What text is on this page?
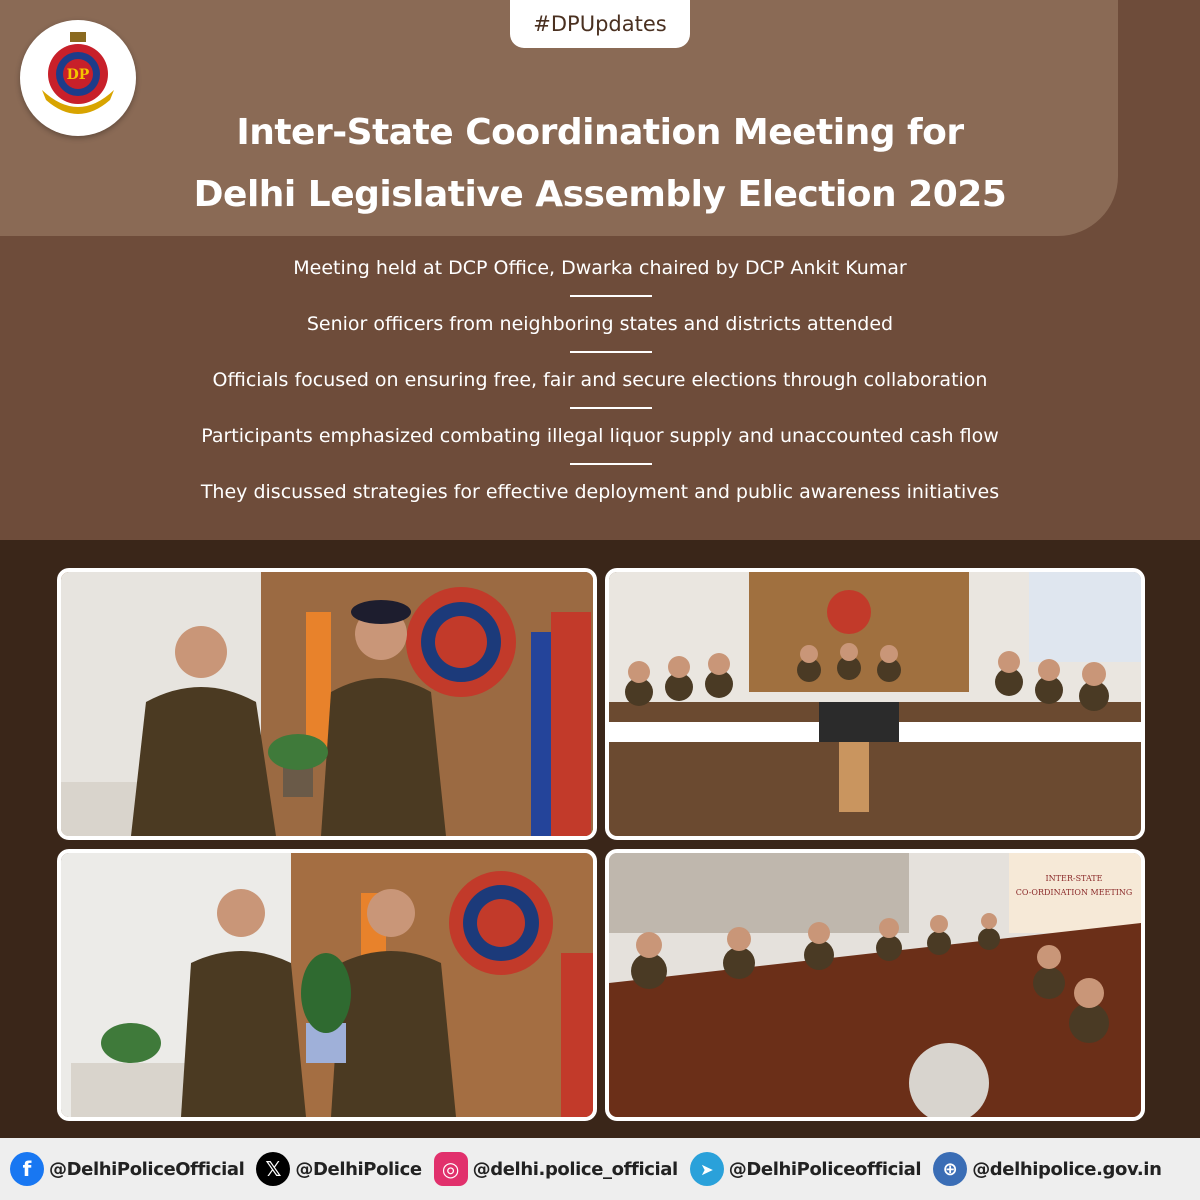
DP
#DPUpdates
Inter-State Coordination Meeting for
Delhi Legislative Assembly Election 2025
Meeting held at DCP Office, Dwarka chaired by DCP Ankit Kumar
Senior officers from neighboring states and districts attended
Officials focused on ensuring free, fair and secure elections through collaboration
Participants emphasized combating illegal liquor supply and unaccounted cash flow
They discussed strategies for effective deployment and public awareness initiatives
INTER-STATE
CO-ORDINATION MEETING
f @DelhiPoliceOfficial	𝕏 @DelhiPolice	◎ @delhi.police_official	➤ @DelhiPoliceofficial	⊕ @delhipolice.gov.in
